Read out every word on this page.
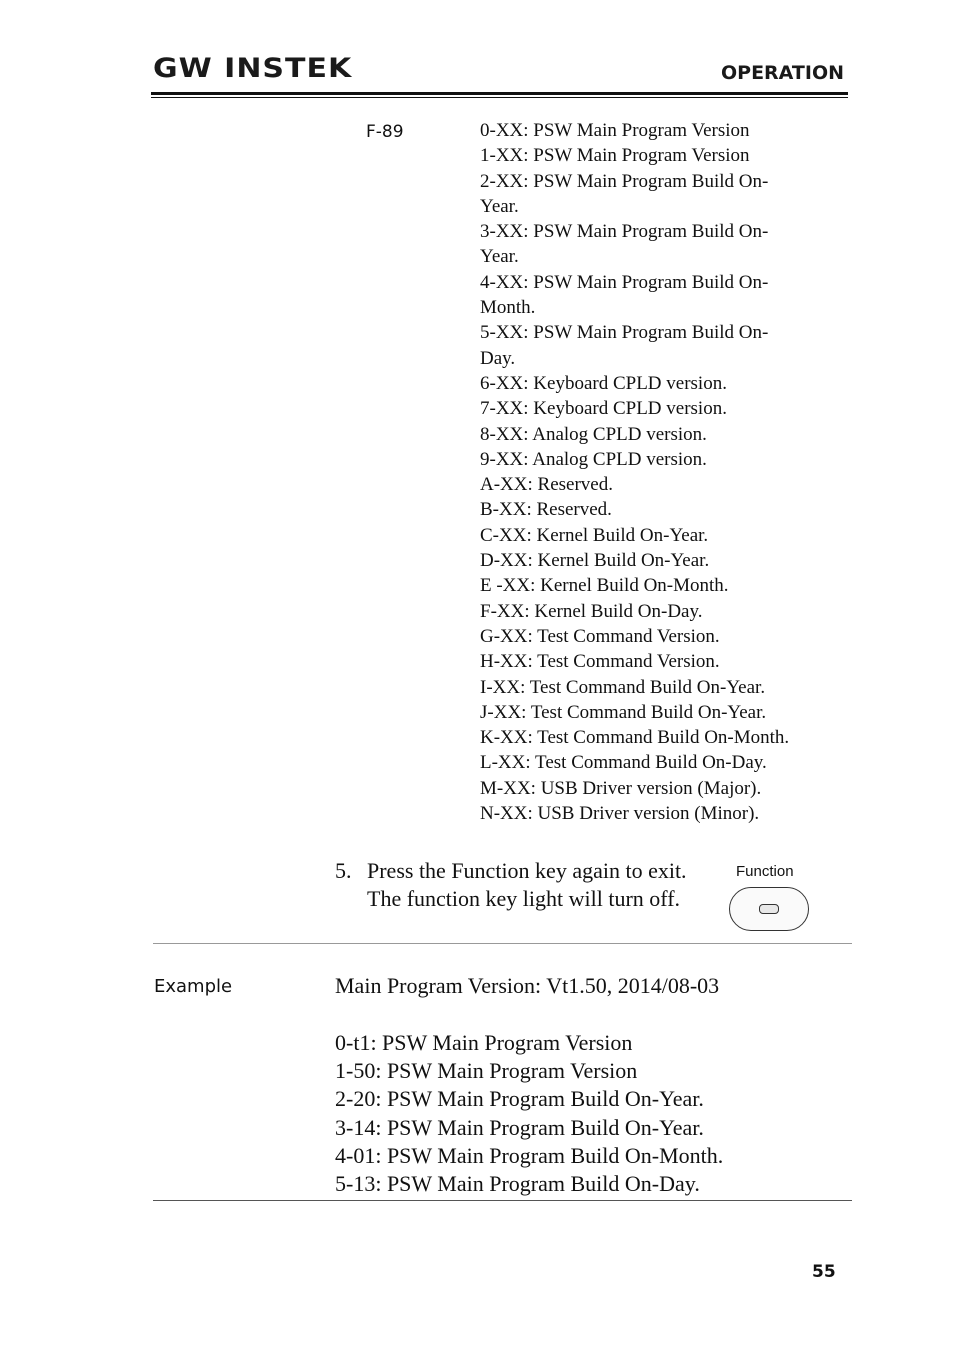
GW INSTEK	OPERATION
F-89	0-XX: PSW Main Program Version
1-XX: PSW Main Program Version
2-XX: PSW Main Program Build On-
Year.
3-XX: PSW Main Program Build On-
Year.
4-XX: PSW Main Program Build On-
Month.
5-XX: PSW Main Program Build On-
Day.
6-XX: Keyboard CPLD version.
7-XX: Keyboard CPLD version.
8-XX: Analog CPLD version.
9-XX: Analog CPLD version.
A-XX: Reserved.
B-XX: Reserved.
C-XX: Kernel Build On-Year.
D-XX: Kernel Build On-Year.
E -XX: Kernel Build On-Month.
F-XX: Kernel Build On-Day.
G-XX: Test Command Version.
H-XX: Test Command Version.
I-XX: Test Command Build On-Year.
J-XX: Test Command Build On-Year.
K-XX: Test Command Build On-Month.
L-XX: Test Command Build On-Day.
M-XX: USB Driver version (Major).
N-XX: USB Driver version (Minor).
5. Press the Function key again to exit. The function key light will turn off.
Function
Example	Main Program Version: Vt1.50, 2014/08-03
0-t1: PSW Main Program Version
1-50: PSW Main Program Version
2-20: PSW Main Program Build On-Year.
3-14: PSW Main Program Build On-Year.
4-01: PSW Main Program Build On-Month.
5-13: PSW Main Program Build On-Day.
55
